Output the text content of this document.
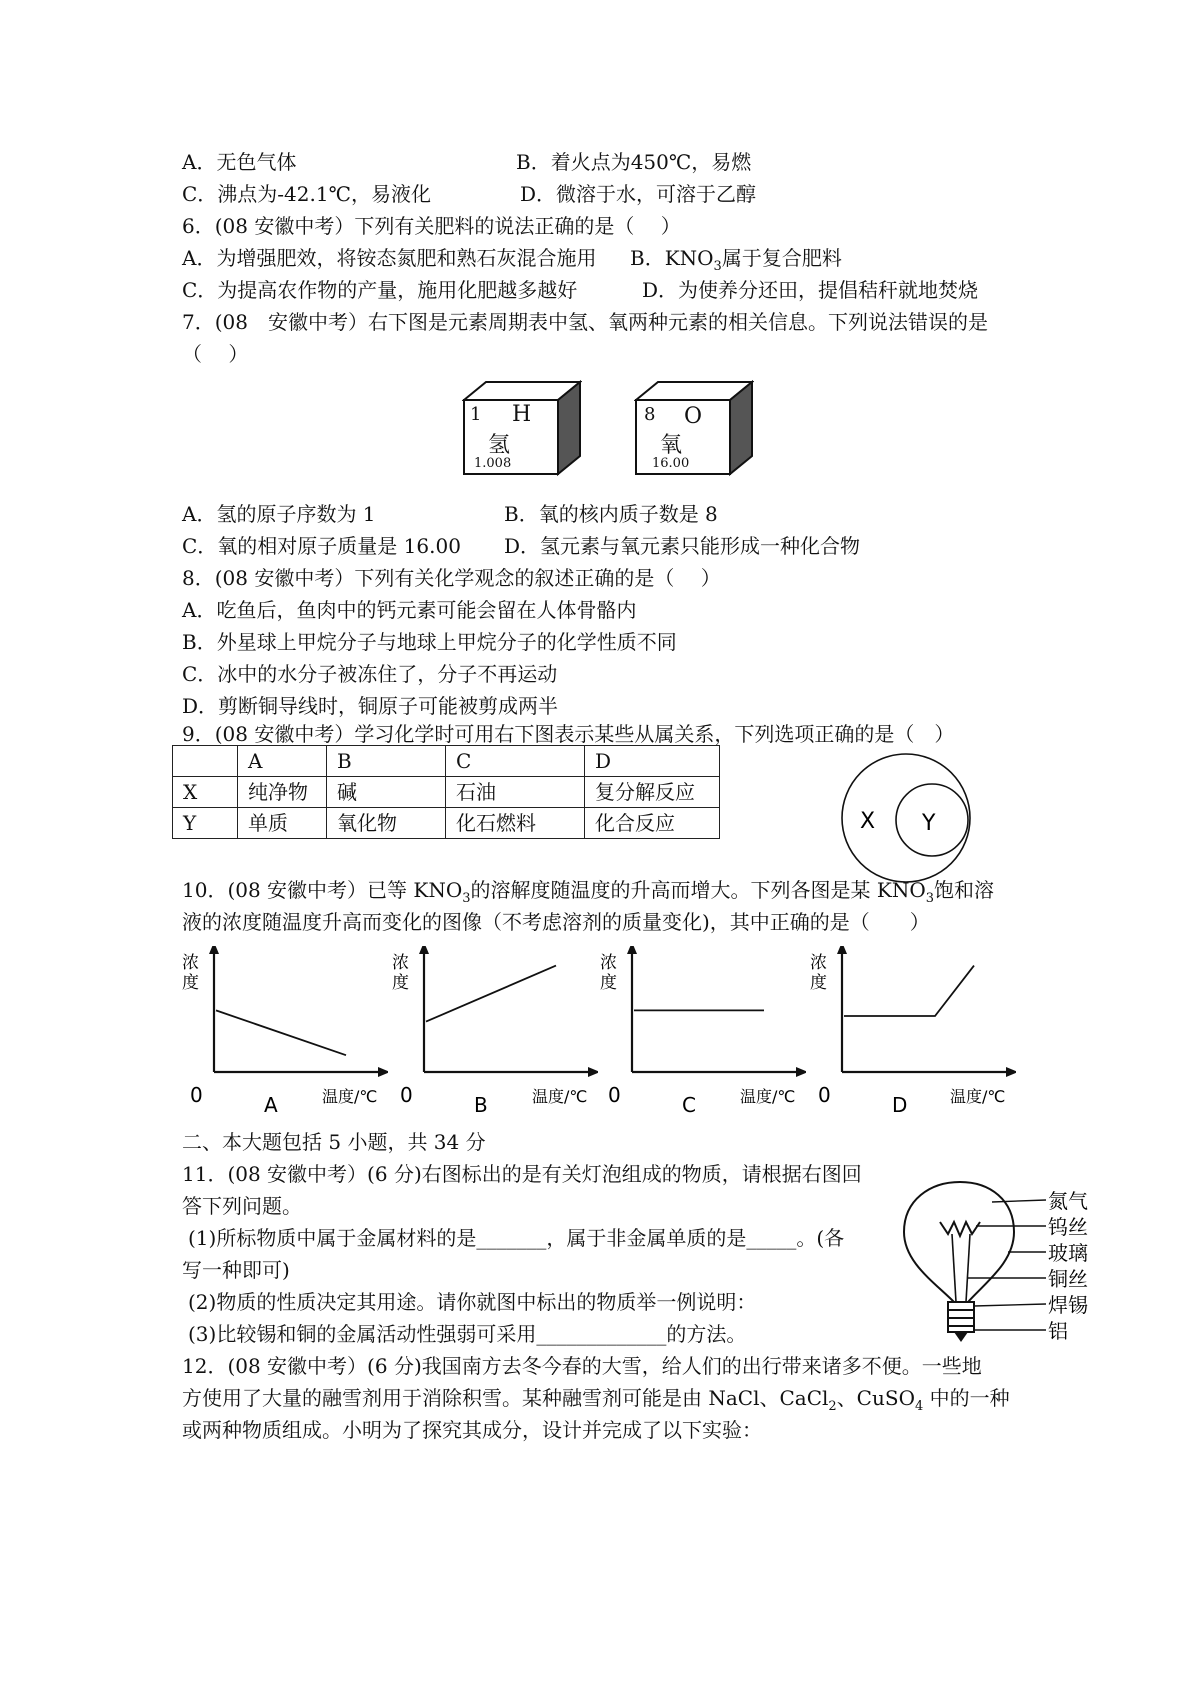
A．无色气体	B．着火点为450℃，易燃
C．沸点为-42.1℃，易液化	D．微溶于水，可溶于乙醇
6．(08 安徽中考）下列有关肥料的说法正确的是（　 ）
A．为增强肥效，将铵态氮肥和熟石灰混合施用 B．$KNO_3$属于复合肥料
C．为提高农作物的产量，施用化肥越多越好	D．为使养分还田，提倡秸秆就地焚烧
7．(08　安徽中考）右下图是元素周期表中氢、氧两种元素的相关信息。下列说法错误的是
（　 ）
1 H
氢
1.008
8 O
氧
16.00
A．氢的原子序数为 1	B．氧的核内质子数是 8
C．氧的相对原子质量是 16.00 D．氢元素与氧元素只能形成一种化合物
8．(08 安徽中考）下列有关化学观念的叙述正确的是（　 ）
A．吃鱼后，鱼肉中的钙元素可能会留在人体骨骼内
B．外星球上甲烷分子与地球上甲烷分子的化学性质不同
C．冰中的水分子被冻住了，分子不再运动
D．剪断铜导线时，铜原子可能被剪成两半
9．(08 安徽中考）学习化学时可用右下图表示某些从属关系，下列选项正确的是（　）
	A	B	C	D
X	纯净物	碱	石油	复分解反应
Y	单质	氧化物	化石燃料	化合反应	X Y
10．(08 安徽中考）已等 $KNO_3$的溶解度随温度的升高而增大。下列各图是某 $KNO_3$饱和溶
液的浓度随温度升高而变化的图像（不考虑溶剂的质量变化)，其中正确的是（　　）
浓
度
0	温度/℃
A
浓
度
0	温度/℃
B
浓
度
0	温度/℃
C
浓
度
0	温度/℃
D
二、本大题包括 5 小题，共 34 分
11．(08 安徽中考）(6 分)右图标出的是有关灯泡组成的物质，请根据右图回
答下列问题。
(1)所标物质中属于金属材料的是_______，属于非金属单质的是_____。(各
写一种即可)
(2)物质的性质决定其用途。请你就图中标出的物质举一例说明：
(3)比较锡和铜的金属活动性强弱可采用_____________的方法。
氮气
钨丝
玻璃
铜丝
焊锡
铝
12．(08 安徽中考）(6 分)我国南方去冬今春的大雪，给人们的出行带来诸多不便。一些地
方使用了大量的融雪剂用于消除积雪。某种融雪剂可能是由 NaCl、CaCl$_2$、CuSO$_4$ 中的一种
或两种物质组成。小明为了探究其成分，设计并完成了以下实验：
